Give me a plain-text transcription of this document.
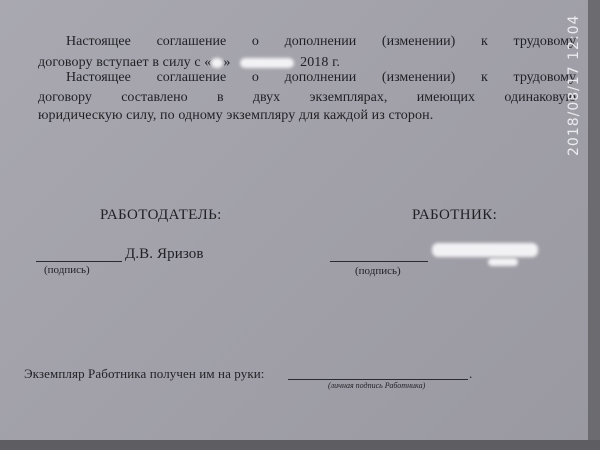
Настоящее соглашение о дополнении (изменении) к трудовому
договору вступает в силу с « »	2018 г.
Настоящее соглашение о дополнении (изменении) к трудовому
договору составлено в двух экземплярах, имеющих одинаковую
юридическую силу, по одному экземпляру для каждой из сторон.
РАБОТОДАТЕЛЬ:
Д.В. Яризов
(подпись)
РАБОТНИК:
(подпись)
Экземпляр Работника получен им на руки:	.
(личная подпись Работника)
2018/08/17 12:04
